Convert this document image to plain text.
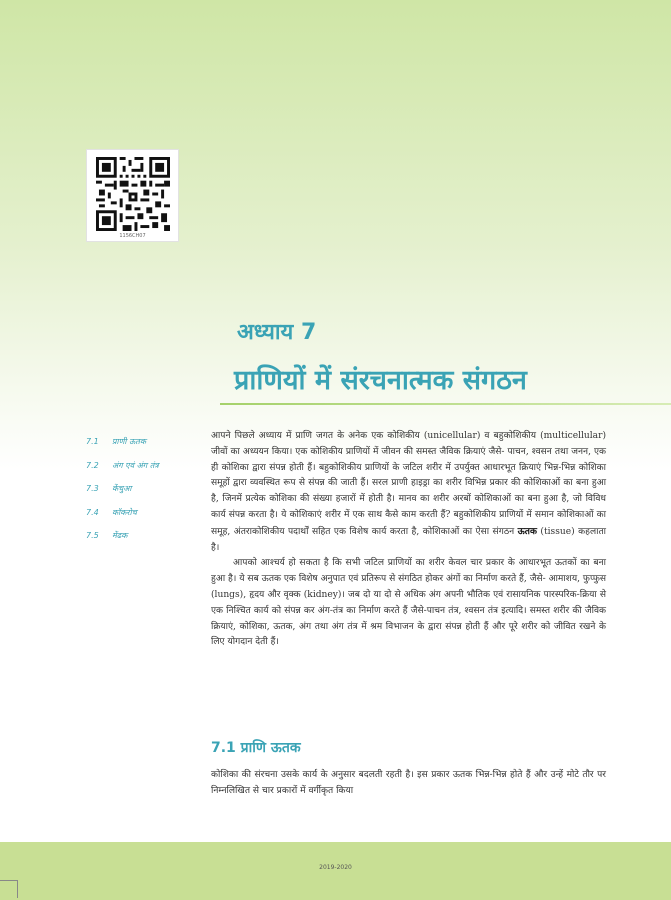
1156CH07
अध्याय 7
प्राणियों में संरचनात्मक संगठन
7.1	प्राणी ऊतक
7.2	अंग एवं अंग तंत्र
7.3	केंचुआ
7.4	कॉकरोच
7.5	मेंढक

आपने पिछले अध्याय में प्राणि जगत के अनेक एक कोशिकीय (unicellular) व बहुकोशिकीय (multicellular) जीवों का अध्ययन किया। एक कोशिकीय प्राणियों में जीवन की समस्त जैविक क्रियाएं जैसे- पाचन, श्वसन तथा जनन, एक ही कोशिका द्वारा संपन्न होती हैं। बहुकोशिकीय प्राणियों के जटिल शरीर में उपर्युक्त आधारभूत क्रियाएं भिन्न-भिन्न कोशिका समूहों द्वारा व्यवस्थित रूप से संपन्न की जाती हैं। सरल प्राणी हाइड्रा का शरीर विभिन्न प्रकार की कोशिकाओं का बना हुआ है, जिनमें प्रत्येक कोशिका की संख्या हजारों में होती है। मानव का शरीर अरबों कोशिकाओं का बना हुआ है, जो विविध कार्य संपन्न करता है। ये कोशिकाएं शरीर में एक साथ कैसे काम करती हैं? बहुकोशिकीय प्राणियों में समान कोशिकाओं का समूह, अंतराकोशिकीय पदार्थों सहित एक विशेष कार्य करता है, कोशिकाओं का ऐसा संगठन ऊतक (tissue) कहलाता है।

आपको आश्चर्य हो सकता है कि सभी जटिल प्राणियों का शरीर केवल चार प्रकार के आधारभूत ऊतकों का बना हुआ है। ये सब ऊतक एक विशेष अनुपात एवं प्रतिरूप से संगठित होकर अंगों का निर्माण करते हैं, जैसे- आमाशय, फुप्फुस (lungs), हृदय और वृक्क (kidney)। जब दो या दो से अधिक अंग अपनी भौतिक एवं रासायनिक पारस्परिक-क्रिया से एक निश्चित कार्य को संपन्न कर अंग-तंत्र का निर्माण करते हैं जैसे-पाचन तंत्र, श्वसन तंत्र इत्यादि। समस्त शरीर की जैविक क्रियाएं, कोशिका, ऊतक, अंग तथा अंग तंत्र में श्रम विभाजन के द्वारा संपन्न होती हैं और पूरे शरीर को जीवित रखने के लिए योगदान देती हैं।

7.1 प्राणि ऊतक
कोशिका की संरचना उसके कार्य के अनुसार बदलती रहती है। इस प्रकार ऊतक भिन्न-भिन्न होते हैं और उन्हें मोटे तौर पर निम्नलिखित से चार प्रकारों में वर्गीकृत किया
2019-2020
